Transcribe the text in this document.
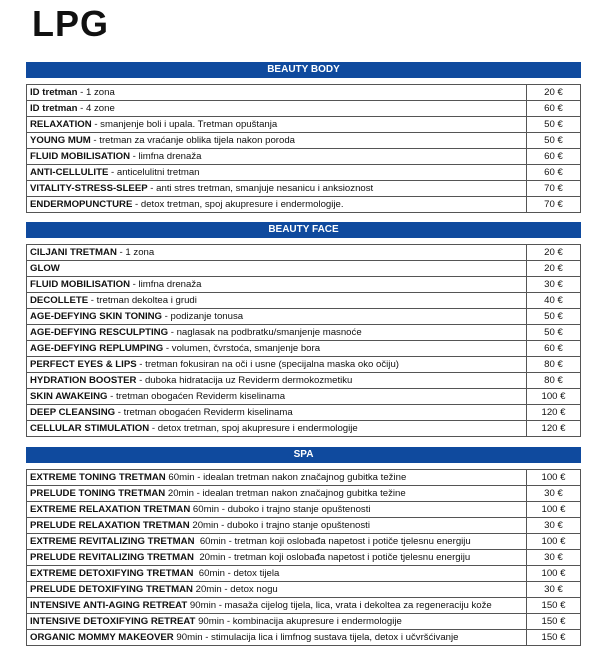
LPG
BEAUTY BODY	

ID tretman - 1 zona	20 €
ID tretman - 4 zone	60 €
RELAXATION - smanjenje boli i upala. Tretman opuštanja	50 €
YOUNG MUM - tretman za vraćanje oblika tijela nakon poroda	50 €
FLUID MOBILISATION - limfna drenaža	60 €
ANTI-CELLULITE - anticelulitni tretman	60 €
VITALITY-STRESS-SLEEP - anti stres tretman, smanjuje nesanicu i anksioznost	70 €
ENDERMOPUNCTURE - detox tretman, spoj akupresure i endermologije.	70 €
BEAUTY FACE	

CILJANI TRETMAN - 1 zona	20 €
GLOW	20 €
FLUID MOBILISATION - limfna drenaža	30 €
DECOLLETE - tretman dekoltea i grudi	40 €
AGE-DEFYING SKIN TONING - podizanje tonusa	50 €
AGE-DEFYING RESCULPTING - naglasak na podbratku/smanjenje masnoće	50 €
AGE-DEFYING REPLUMPING - volumen, čvrstoća, smanjenje bora	60 €
PERFECT EYES & LIPS - tretman fokusiran na oči i usne (specijalna maska oko očiju)	80 €
HYDRATION BOOSTER - duboka hidratacija uz Reviderm dermokozmetiku	80 €
SKIN AWAKEING - tretman obogaćen Reviderm kiselinama	100 €
DEEP CLEANSING - tretman obogaćen Reviderm kiselinama	120 €
CELLULAR STIMULATION - detox tretman, spoj akupresure i endermologije	120 €
SPA	

EXTREME TONING TRETMAN 60min - idealan tretman nakon značajnog gubitka težine	100 €
PRELUDE TONING TRETMAN 20min - idealan tretman nakon značajnog gubitka težine	30 €
EXTREME RELAXATION TRETMAN 60min - duboko i trajno stanje opuštenosti	100 €
PRELUDE RELAXATION TRETMAN 20min - duboko i trajno stanje opuštenosti	30 €
EXTREME REVITALIZING TRETMAN  60min - tretman koji oslobađa napetost i potiče tjelesnu energiju	100 €
PRELUDE REVITALIZING TRETMAN  20min - tretman koji oslobađa napetost i potiče tjelesnu energiju	30 €
EXTREME DETOXIFYING TRETMAN  60min - detox tijela	100 €
PRELUDE DETOXIFYING TRETMAN 20min - detox nogu	30 €
INTENSIVE ANTI-AGING RETREAT 90min - masaža cijelog tijela, lica, vrata i dekoltea za regeneraciju kože	150 €
INTENSIVE DETOXIFYING RETREAT 90min - kombinacija akupresure i endermologije	150 €
ORGANIC MOMMY MAKEOVER 90min - stimulacija lica i limfnog sustava tijela, detox i učvršćivanje	150 €
